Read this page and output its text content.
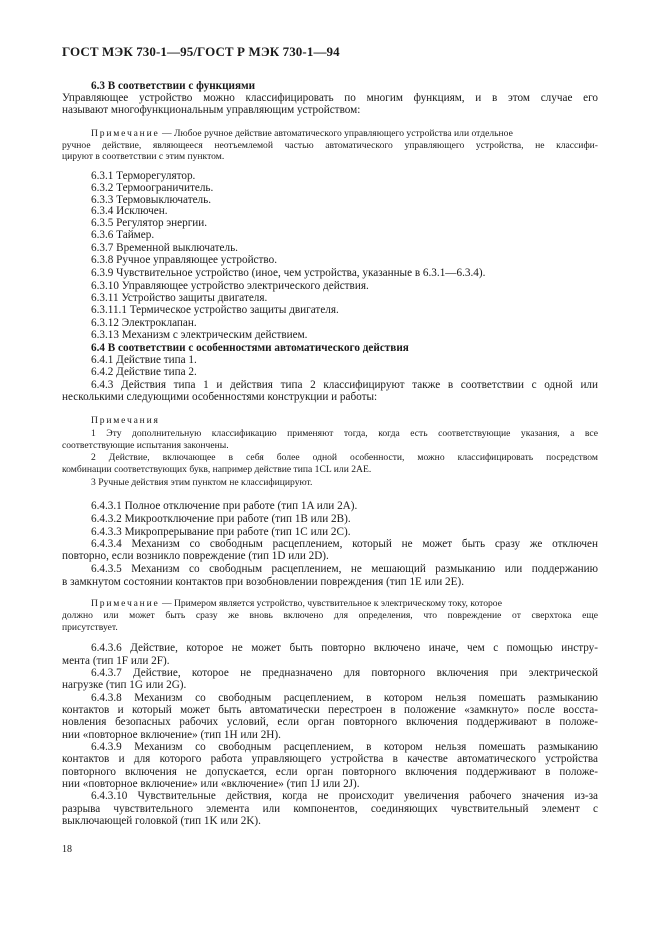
ГОСТ МЭК 730-1—95/ГОСТ Р МЭК 730-1—94
6.3 В соответствии с функциями
Управляющее устройство можно классифицировать по многим функциям, и в этом случае его
называют многофункциональным управляющим устройством:
Примечание — Любое ручное действие автоматического управляющего устройства или отдельное
ручное действие, являющееся неотъемлемой частью автоматического управляющего устройства, не классифи-
цируют в соответствии с этим пунктом.
6.3.1 Терморегулятор.
6.3.2 Термоограничитель.
6.3.3 Термовыключатель.
6.3.4 Исключен.
6.3.5 Регулятор энергии.
6.3.6 Таймер.
6.3.7 Временной выключатель.
6.3.8 Ручное управляющее устройство.
6.3.9 Чувствительное устройство (иное, чем устройства, указанные в 6.3.1—6.3.4).
6.3.10 Управляющее устройство электрического действия.
6.3.11 Устройство защиты двигателя.
6.3.11.1 Термическое устройство защиты двигателя.
6.3.12 Электроклапан.
6.3.13 Механизм с электрическим действием.
6.4 В соответствии с особенностями автоматического действия
6.4.1 Действие типа 1.
6.4.2 Действие типа 2.
6.4.3 Действия типа 1 и действия типа 2 классифицируют также в соответствии с одной или
несколькими следующими особенностями конструкции и работы:
Примечания
1 Эту дополнительную классификацию применяют тогда, когда есть соответствующие указания, а все
соответствующие испытания закончены.
2 Действие, включающее в себя более одной особенности, можно классифицировать посредством
комбинации соответствующих букв, например действие типа 1CL или 2AE.
3 Ручные действия этим пунктом не классифицируют.
6.4.3.1 Полное отключение при работе (тип 1A или 2A).
6.4.3.2 Микроотключение при работе (тип 1B или 2B).
6.4.3.3 Микропрерывание при работе (тип 1C или 2C).
6.4.3.4 Механизм со свободным расцеплением, который не может быть сразу же отключен
повторно, если возникло повреждение (тип 1D или 2D).
6.4.3.5 Механизм со свободным расцеплением, не мешающий размыканию или поддержанию
в замкнутом состоянии контактов при возобновлении повреждения (тип 1E или 2E).
Примечание — Примером является устройство, чувствительное к электрическому току, которое
должно или может быть сразу же вновь включено для определения, что повреждение от сверхтока еще
присутствует.
6.4.3.6 Действие, которое не может быть повторно включено иначе, чем с помощью инстру-
мента (тип 1F или 2F).
6.4.3.7 Действие, которое не предназначено для повторного включения при электрической
нагрузке (тип 1G или 2G).
6.4.3.8 Механизм со свободным расцеплением, в котором нельзя помешать размыканию
контактов и который может быть автоматически перестроен в положение «замкнуто» после восста-
новления безопасных рабочих условий, если орган повторного включения поддерживают в положе-
нии «повторное включение» (тип 1H или 2H).
6.4.3.9 Механизм со свободным расцеплением, в котором нельзя помешать размыканию
контактов и для которого работа управляющего устройства в качестве автоматического устройства
повторного включения не допускается, если орган повторного включения поддерживают в положе-
нии «повторное включение» или «включение» (тип 1J или 2J).
6.4.3.10 Чувствительные действия, когда не происходит увеличения рабочего значения из-за
разрыва чувствительного элемента или компонентов, соединяющих чувствительный элемент с
выключающей головкой (тип 1K или 2K).
18
